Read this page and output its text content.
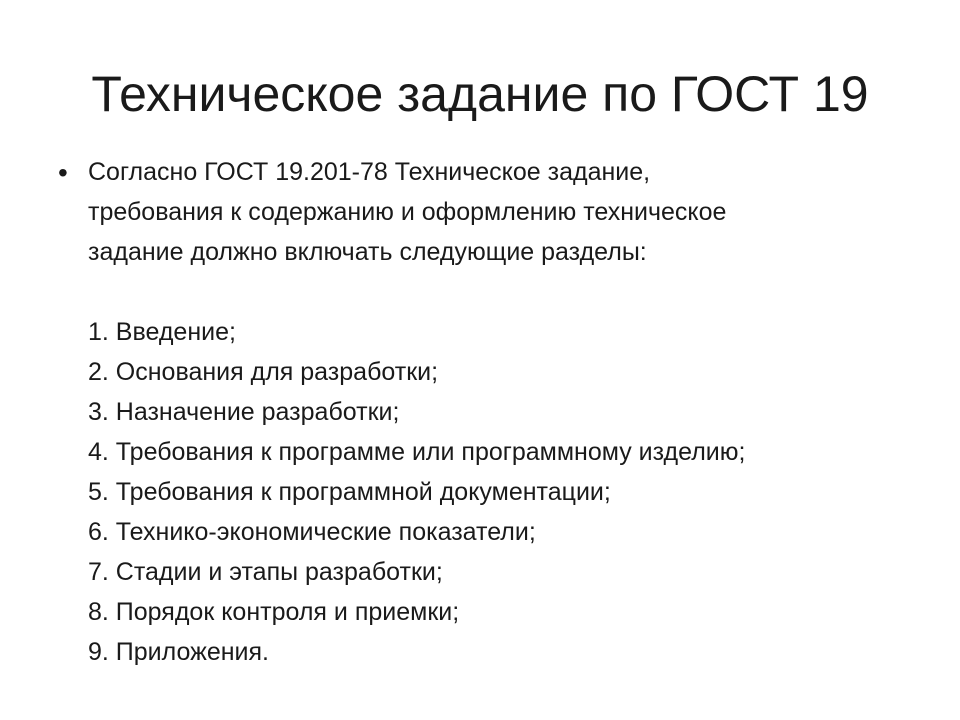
Техническое задание по ГОСТ 19
• Согласно ГОСТ 19.201-78 Техническое задание,
требования к содержанию и оформлению техническое
задание должно включать следующие разделы:

1. Введение;
2. Основания для разработки;
3. Назначение разработки;
4. Требования к программе или программному изделию;
5. Требования к программной документации;
6. Технико-экономические показатели;
7. Стадии и этапы разработки;
8. Порядок контроля и приемки;
9. Приложения.
